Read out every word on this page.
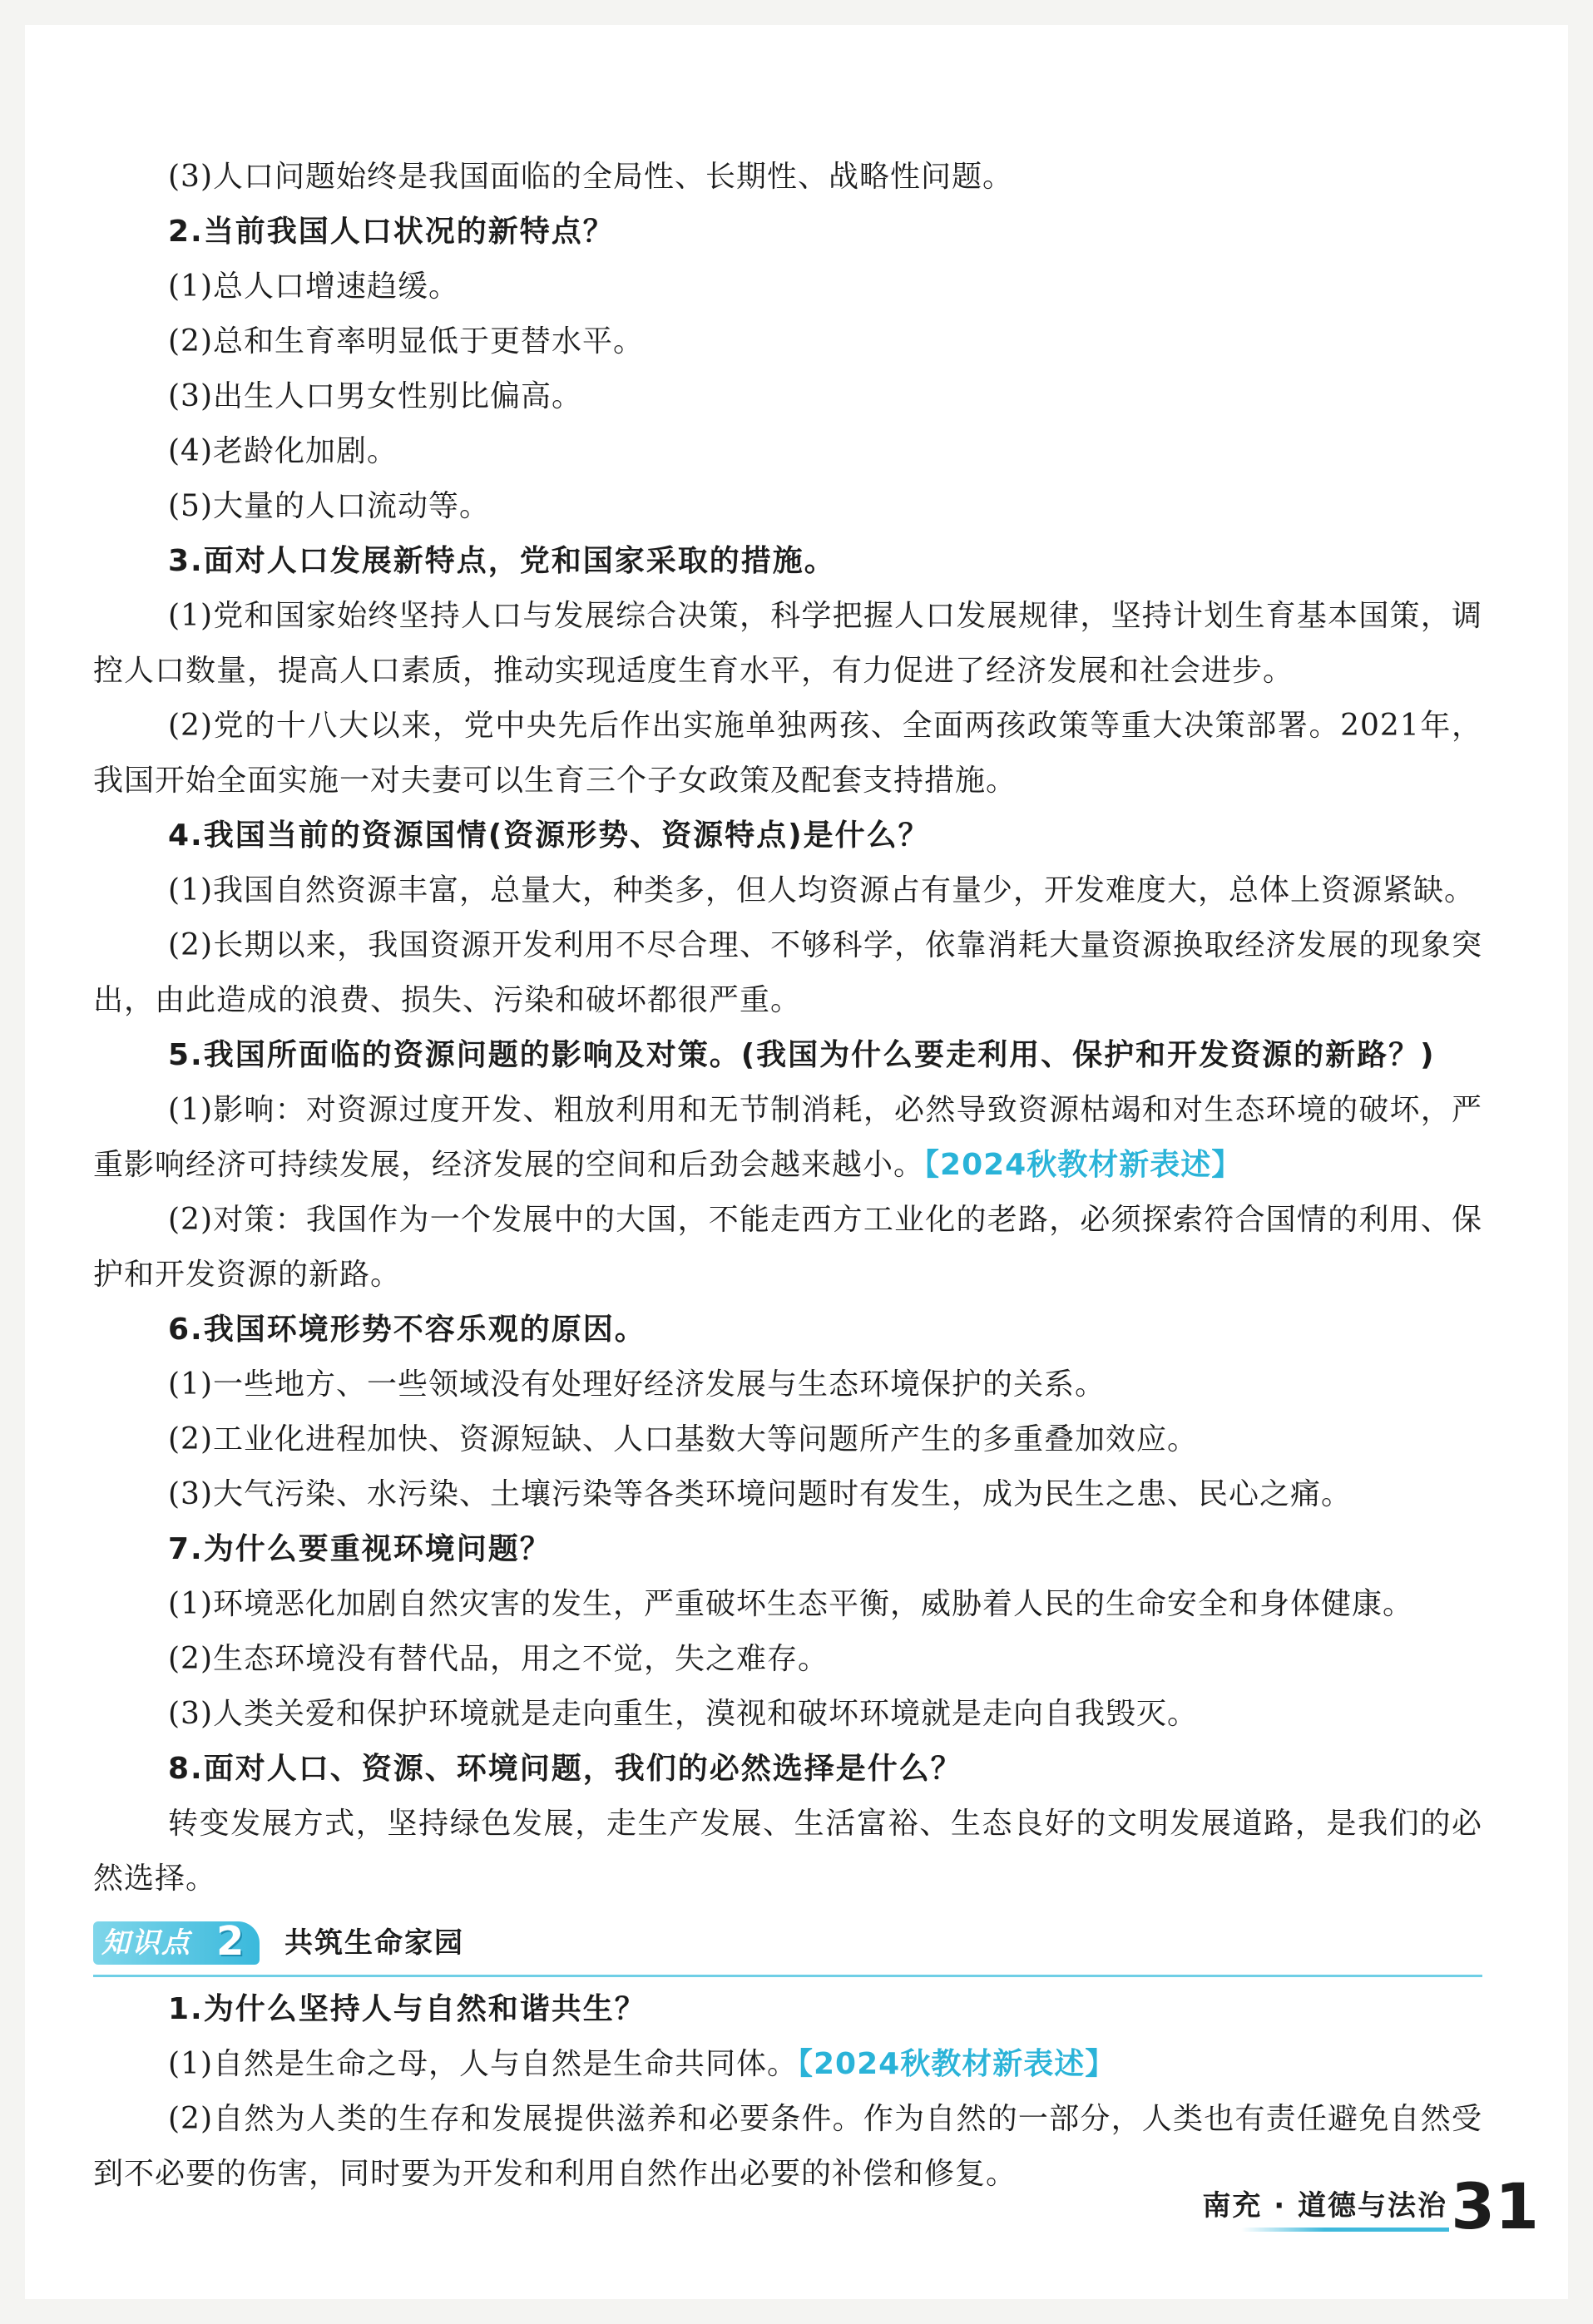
(3)人口问题始终是我国面临的全局性、长期性、战略性问题。

2.当前我国人口状况的新特点？

(1)总人口增速趋缓。

(2)总和生育率明显低于更替水平。

(3)出生人口男女性别比偏高。

(4)老龄化加剧。

(5)大量的人口流动等。

3.面对人口发展新特点，党和国家采取的措施。

(1)党和国家始终坚持人口与发展综合决策，科学把握人口发展规律，坚持计划生育基本国策，调控人口数量，提高人口素质，推动实现适度生育水平，有力促进了经济发展和社会进步。

(2)党的十八大以来，党中央先后作出实施单独两孩、全面两孩政策等重大决策部署。2021年，我国开始全面实施一对夫妻可以生育三个子女政策及配套支持措施。

4.我国当前的资源国情(资源形势、资源特点)是什么？

(1)我国自然资源丰富，总量大，种类多，但人均资源占有量少，开发难度大，总体上资源紧缺。

(2)长期以来，我国资源开发利用不尽合理、不够科学，依靠消耗大量资源换取经济发展的现象突出，由此造成的浪费、损失、污染和破坏都很严重。

5.我国所面临的资源问题的影响及对策。(我国为什么要走利用、保护和开发资源的新路？)

(1)影响：对资源过度开发、粗放利用和无节制消耗，必然导致资源枯竭和对生态环境的破坏，严重影响经济可持续发展，经济发展的空间和后劲会越来越小。【2024秋教材新表述】

(2)对策：我国作为一个发展中的大国，不能走西方工业化的老路，必须探索符合国情的利用、保护和开发资源的新路。

6.我国环境形势不容乐观的原因。

(1)一些地方、一些领域没有处理好经济发展与生态环境保护的关系。

(2)工业化进程加快、资源短缺、人口基数大等问题所产生的多重叠加效应。

(3)大气污染、水污染、土壤污染等各类环境问题时有发生，成为民生之患、民心之痛。

7.为什么要重视环境问题？

(1)环境恶化加剧自然灾害的发生，严重破坏生态平衡，威胁着人民的生命安全和身体健康。

(2)生态环境没有替代品，用之不觉，失之难存。

(3)人类关爱和保护环境就是走向重生，漠视和破坏环境就是走向自我毁灭。

8.面对人口、资源、环境问题，我们的必然选择是什么？

转变发展方式，坚持绿色发展，走生产发展、生活富裕、生态良好的文明发展道路，是我们的必然选择。

知识点 2 共筑生命家园

1.为什么坚持人与自然和谐共生？

(1)自然是生命之母，人与自然是生命共同体。【2024秋教材新表述】

(2)自然为人类的生存和发展提供滋养和必要条件。作为自然的一部分，人类也有责任避免自然受到不必要的伤害，同时要为开发和利用自然作出必要的补偿和修复。

南充 · 道德与法治 31
